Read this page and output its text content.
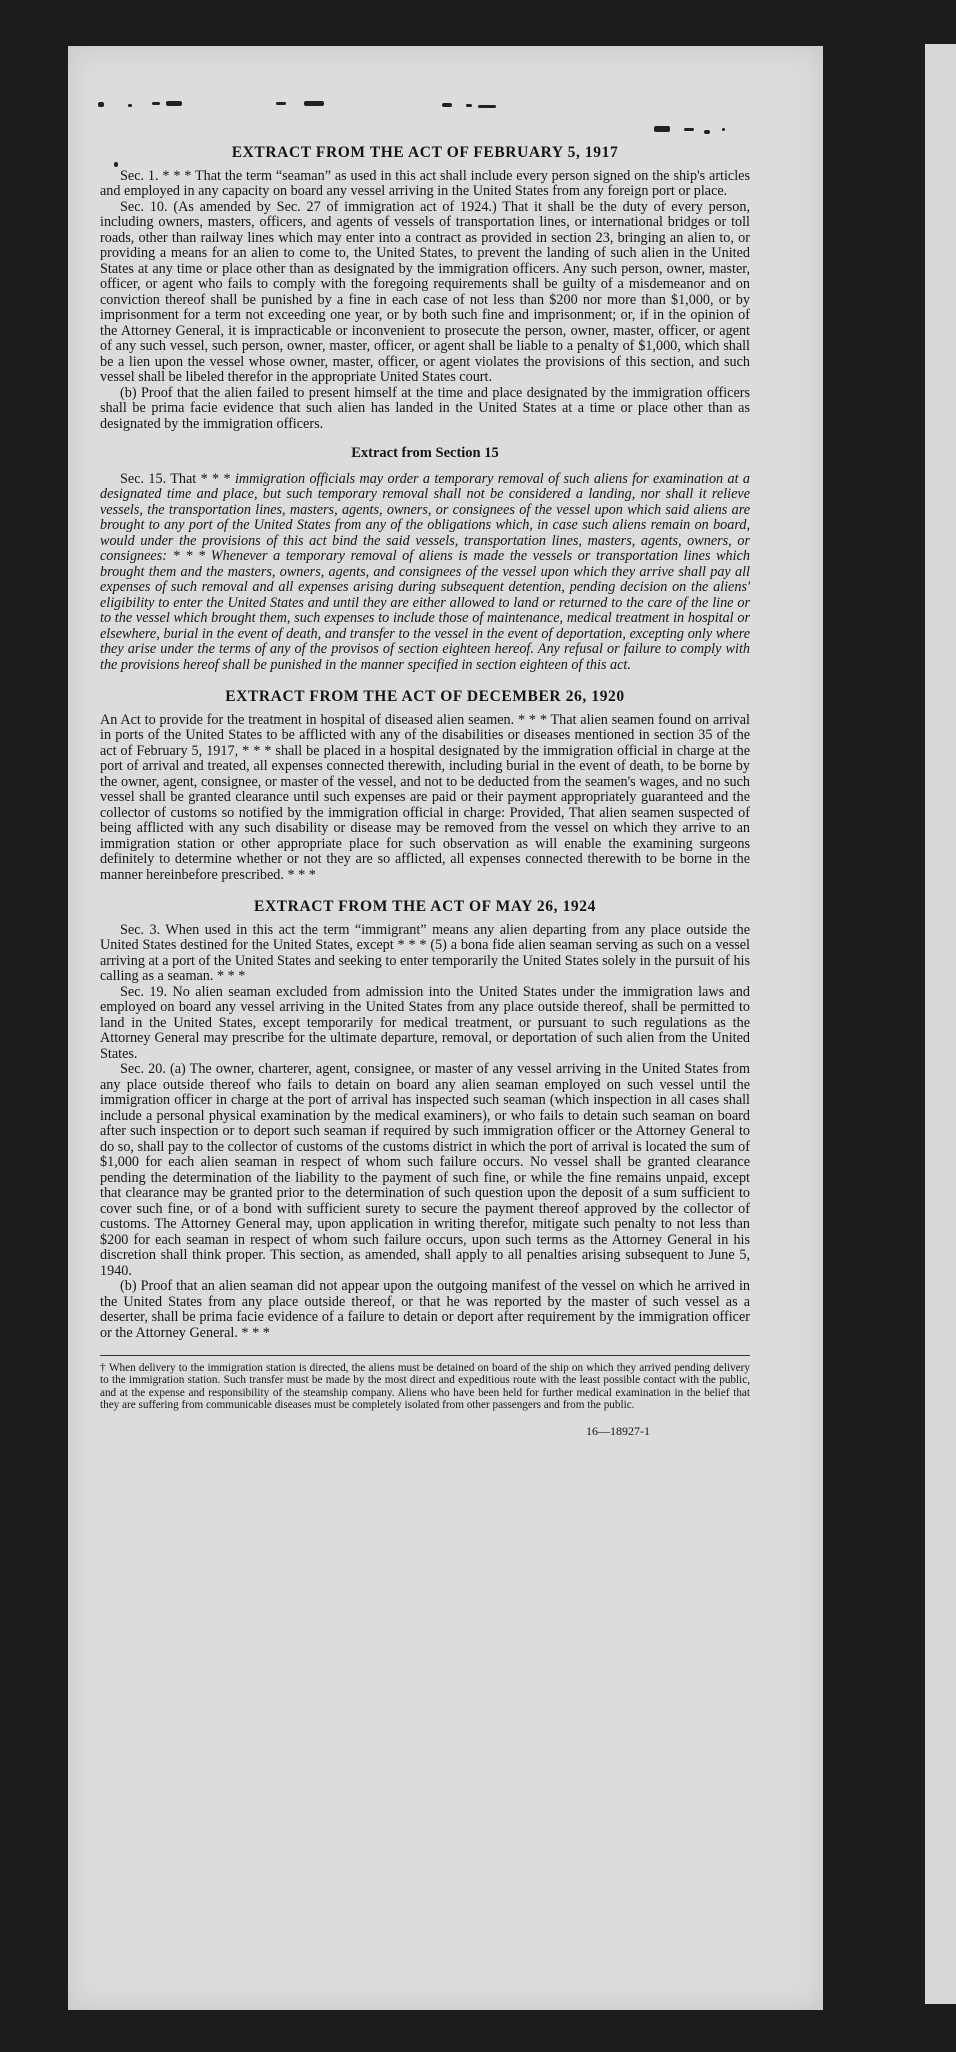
EXTRACT FROM THE ACT OF FEBRUARY 5, 1917

Sec. 1. * * * That the term “seaman” as used in this act shall include every person signed on the ship's articles and employed in any capacity on board any vessel arriving in the United States from any foreign port or place.

Sec. 10. (As amended by Sec. 27 of immigration act of 1924.) That it shall be the duty of every person, including owners, masters, officers, and agents of vessels of transportation lines, or international bridges or toll roads, other than railway lines which may enter into a contract as provided in section 23, bringing an alien to, or providing a means for an alien to come to, the United States, to prevent the landing of such alien in the United States at any time or place other than as designated by the immigration officers. Any such person, owner, master, officer, or agent who fails to comply with the foregoing requirements shall be guilty of a misdemeanor and on conviction thereof shall be punished by a fine in each case of not less than $200 nor more than $1,000, or by imprisonment for a term not exceeding one year, or by both such fine and imprisonment; or, if in the opinion of the Attorney General, it is impracticable or inconvenient to prosecute the person, owner, master, officer, or agent of any such vessel, such person, owner, master, officer, or agent shall be liable to a penalty of $1,000, which shall be a lien upon the vessel whose owner, master, officer, or agent violates the provisions of this section, and such vessel shall be libeled therefor in the appropriate United States court.

(b) Proof that the alien failed to present himself at the time and place designated by the immigration officers shall be prima facie evidence that such alien has landed in the United States at a time or place other than as designated by the immigration officers.

Extract from Section 15

Sec. 15. That * * * immigration officials may order a temporary removal of such aliens for examination at a designated time and place, but such temporary removal shall not be considered a landing, nor shall it relieve vessels, the transportation lines, masters, agents, owners, or consignees of the vessel upon which said aliens are brought to any port of the United States from any of the obligations which, in case such aliens remain on board, would under the provisions of this act bind the said vessels, transportation lines, masters, agents, owners, or consignees: * * * Whenever a temporary removal of aliens is made the vessels or transportation lines which brought them and the masters, owners, agents, and consignees of the vessel upon which they arrive shall pay all expenses of such removal and all expenses arising during subsequent detention, pending decision on the aliens' eligibility to enter the United States and until they are either allowed to land or returned to the care of the line or to the vessel which brought them, such expenses to include those of maintenance, medical treatment in hospital or elsewhere, burial in the event of death, and transfer to the vessel in the event of deportation, excepting only where they arise under the terms of any of the provisos of section eighteen hereof. Any refusal or failure to comply with the provisions hereof shall be punished in the manner specified in section eighteen of this act.

EXTRACT FROM THE ACT OF DECEMBER 26, 1920

An Act to provide for the treatment in hospital of diseased alien seamen. * * * That alien seamen found on arrival in ports of the United States to be afflicted with any of the disabilities or diseases mentioned in section 35 of the act of February 5, 1917, * * * shall be placed in a hospital designated by the immigration official in charge at the port of arrival and treated, all expenses connected therewith, including burial in the event of death, to be borne by the owner, agent, consignee, or master of the vessel, and not to be deducted from the seamen's wages, and no such vessel shall be granted clearance until such expenses are paid or their payment appropriately guaranteed and the collector of customs so notified by the immigration official in charge: Provided, That alien seamen suspected of being afflicted with any such disability or disease may be removed from the vessel on which they arrive to an immigration station or other appropriate place for such observation as will enable the examining surgeons definitely to determine whether or not they are so afflicted, all expenses connected therewith to be borne in the manner hereinbefore prescribed. * * *

EXTRACT FROM THE ACT OF MAY 26, 1924

Sec. 3. When used in this act the term “immigrant” means any alien departing from any place outside the United States destined for the United States, except * * * (5) a bona fide alien seaman serving as such on a vessel arriving at a port of the United States and seeking to enter temporarily the United States solely in the pursuit of his calling as a seaman. * * *

Sec. 19. No alien seaman excluded from admission into the United States under the immigration laws and employed on board any vessel arriving in the United States from any place outside thereof, shall be permitted to land in the United States, except temporarily for medical treatment, or pursuant to such regulations as the Attorney General may prescribe for the ultimate departure, removal, or deportation of such alien from the United States.

Sec. 20. (a) The owner, charterer, agent, consignee, or master of any vessel arriving in the United States from any place outside thereof who fails to detain on board any alien seaman employed on such vessel until the immigration officer in charge at the port of arrival has inspected such seaman (which inspection in all cases shall include a personal physical examination by the medical examiners), or who fails to detain such seaman on board after such inspection or to deport such seaman if required by such immigration officer or the Attorney General to do so, shall pay to the collector of customs of the customs district in which the port of arrival is located the sum of $1,000 for each alien seaman in respect of whom such failure occurs. No vessel shall be granted clearance pending the determination of the liability to the payment of such fine, or while the fine remains unpaid, except that clearance may be granted prior to the determination of such question upon the deposit of a sum sufficient to cover such fine, or of a bond with sufficient surety to secure the payment thereof approved by the collector of customs. The Attorney General may, upon application in writing therefor, mitigate such penalty to not less than $200 for each seaman in respect of whom such failure occurs, upon such terms as the Attorney General in his discretion shall think proper. This section, as amended, shall apply to all penalties arising subsequent to June 5, 1940.

(b) Proof that an alien seaman did not appear upon the outgoing manifest of the vessel on which he arrived in the United States from any place outside thereof, or that he was reported by the master of such vessel as a deserter, shall be prima facie evidence of a failure to detain or deport after requirement by the immigration officer or the Attorney General. * * *

† When delivery to the immigration station is directed, the aliens must be detained on board of the ship on which they arrived pending delivery to the immigration station. Such transfer must be made by the most direct and expeditious route with the least possible contact with the public, and at the expense and responsibility of the steamship company. Aliens who have been held for further medical examination in the belief that they are suffering from communicable diseases must be completely isolated from other passengers and from the public.
16—18927-1
